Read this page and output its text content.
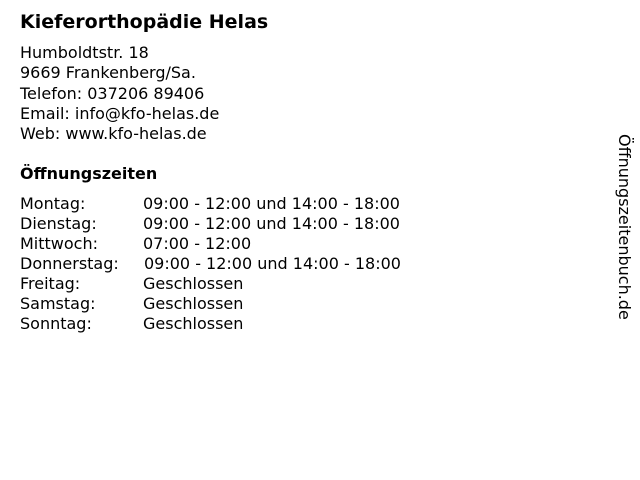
Kieferorthopädie Helas
Humboldtstr. 18
9669 Frankenberg/Sa.
Telefon: 037206 89406
Email: info@kfo-helas.de
Web: www.kfo-helas.de
Öffnungszeiten
Montag:	09:00 - 12:00 und 14:00 - 18:00
Dienstag:	09:00 - 12:00 und 14:00 - 18:00
Mittwoch:	07:00 - 12:00
Donnerstag: 09:00 - 12:00 und 14:00 - 18:00
Freitag:	Geschlossen
Samstag:	Geschlossen
Sonntag:	Geschlossen
Öffnungszeitenbuch.de
